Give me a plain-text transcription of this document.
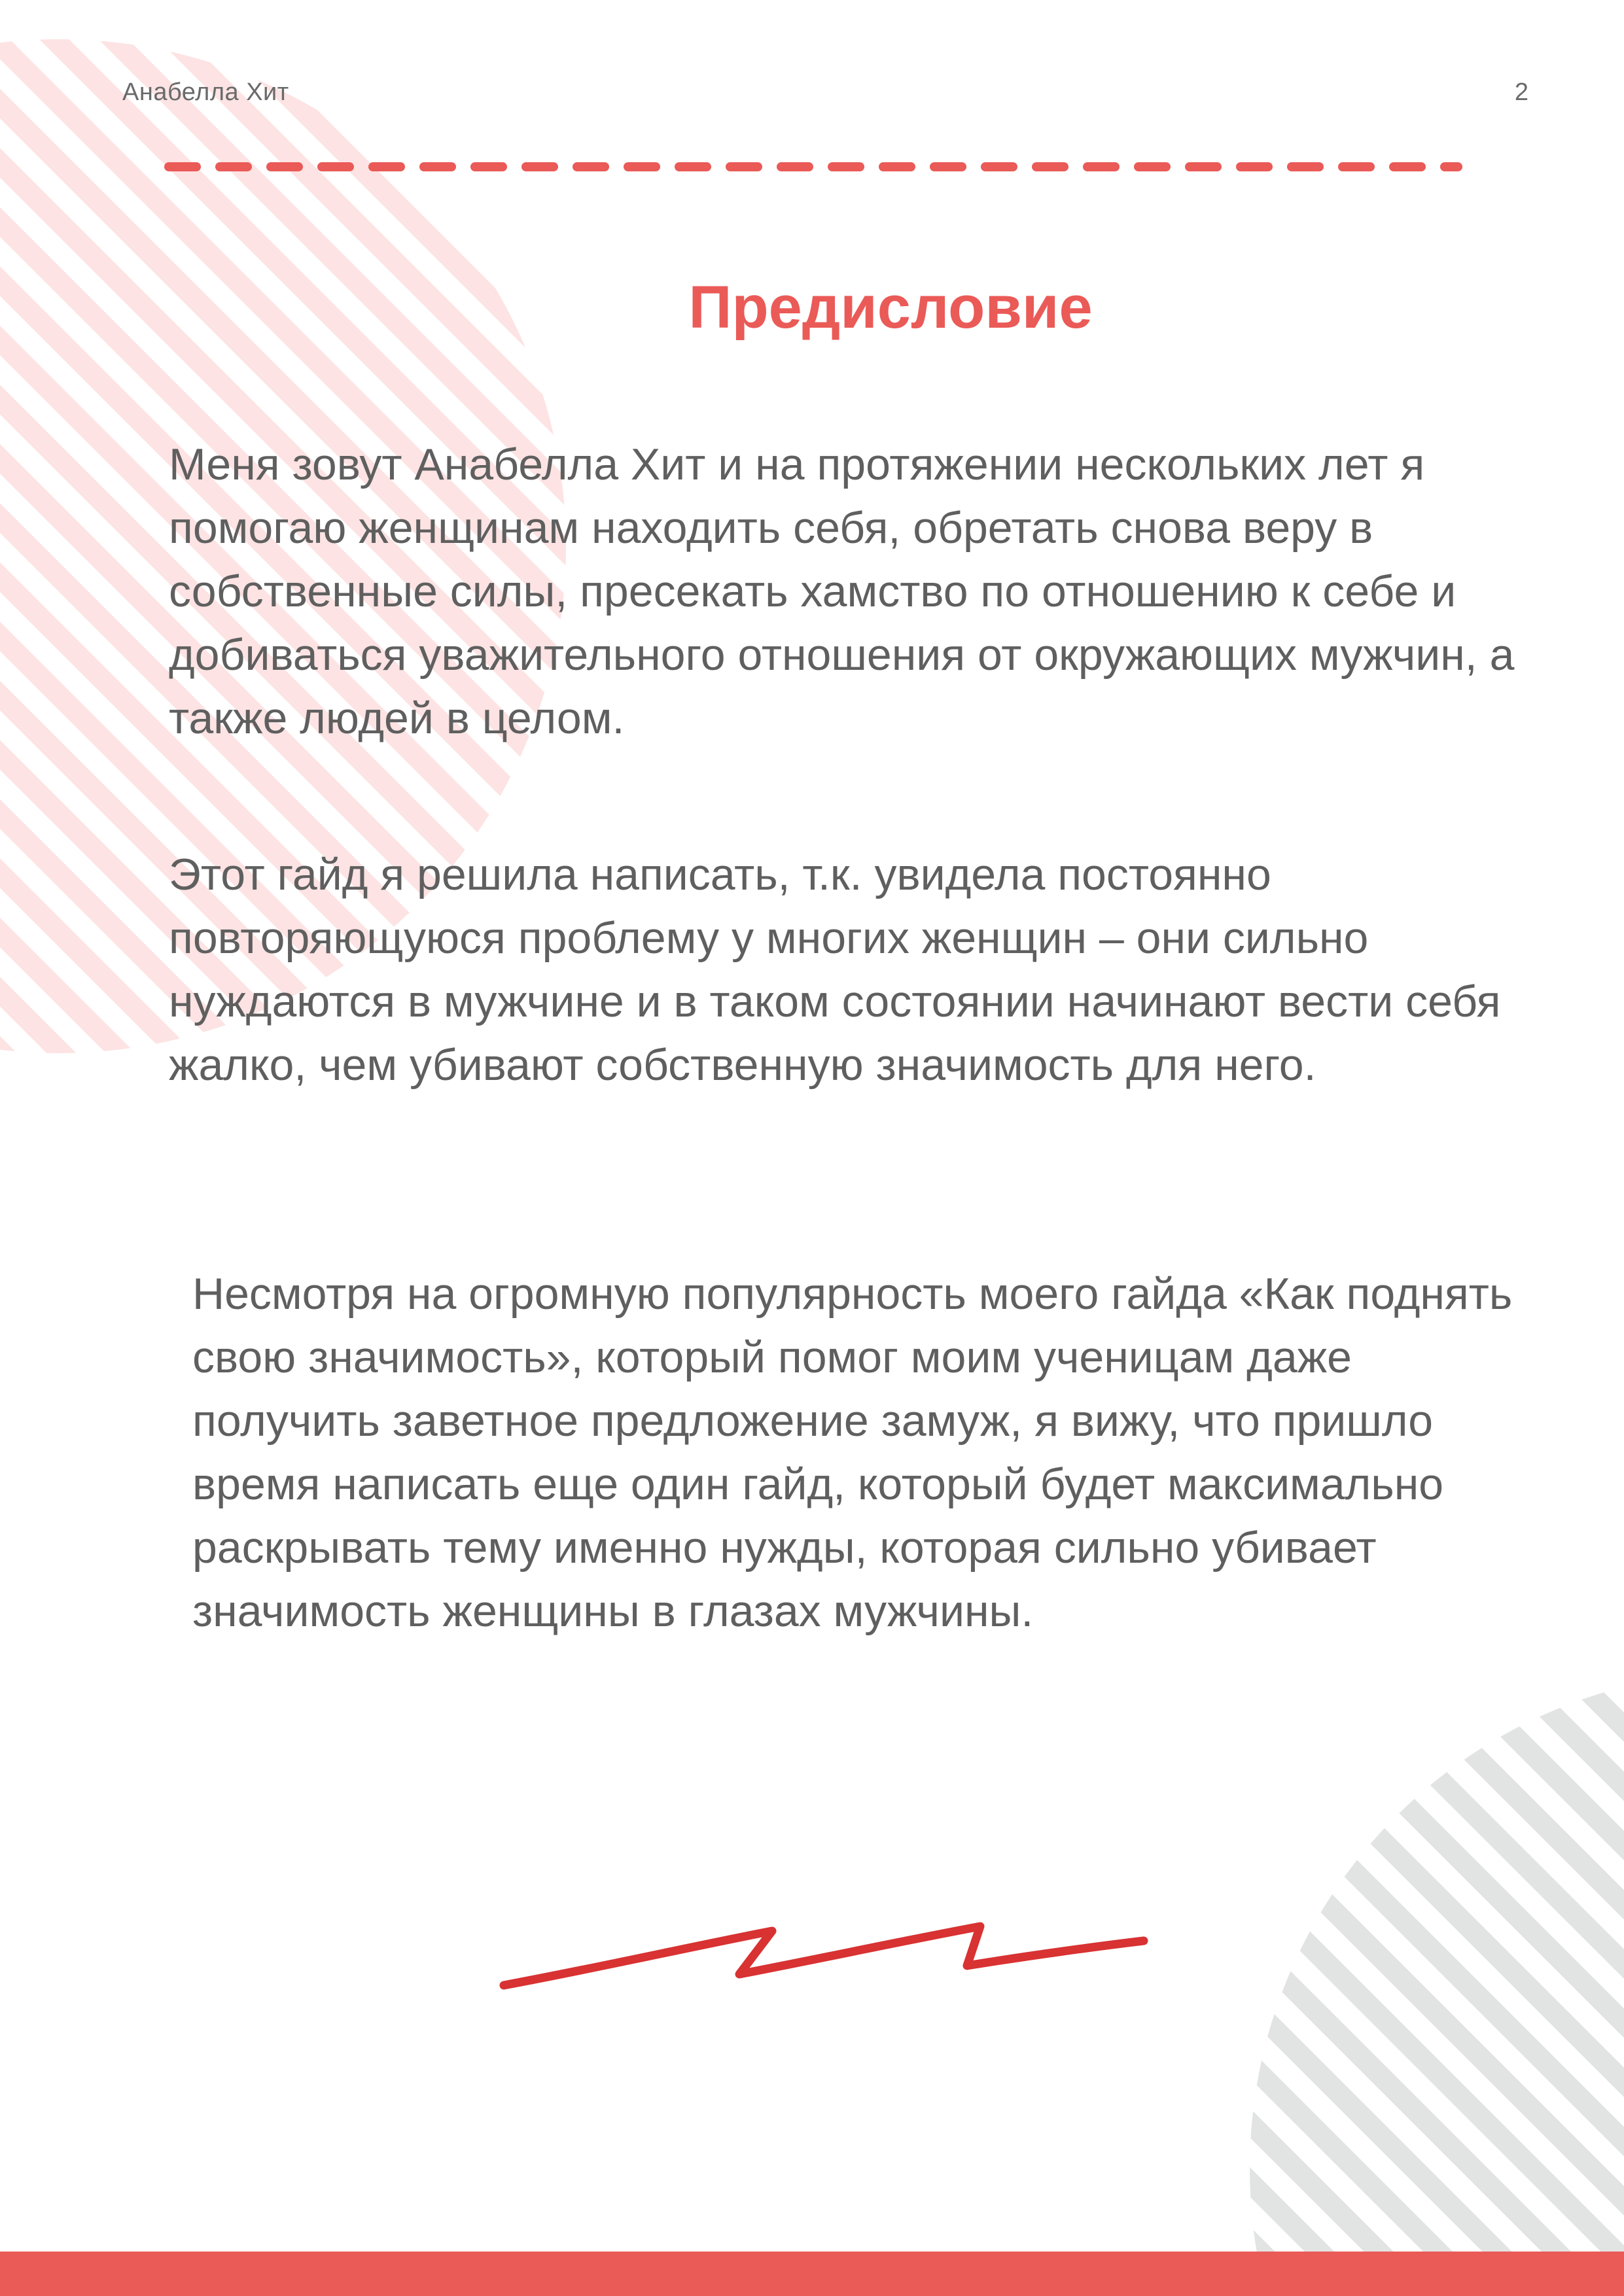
Анабелла Хит	2
Предисловие

Меня зовут Анабелла Хит и на протяжении нескольких лет я помогаю женщинам находить себя, обретать снова веру в собственные силы, пресекать хамство по отношению к себе и добиваться уважительного отношения от окружающих мужчин, а также людей в целом.

Этот гайд я решила написать, т.к. увидела постоянно повторяющуюся проблему у многих женщин – они сильно нуждаются в мужчине и в таком состоянии начинают вести себя жалко, чем убивают собственную значимость для него.

Несмотря на огромную популярность моего гайда «Как поднять свою значимость», который помог моим ученицам даже получить заветное предложение замуж, я вижу, что пришло время написать еще один гайд, который будет максимально раскрывать тему именно нужды, которая сильно убивает значимость женщины в глазах мужчины.
